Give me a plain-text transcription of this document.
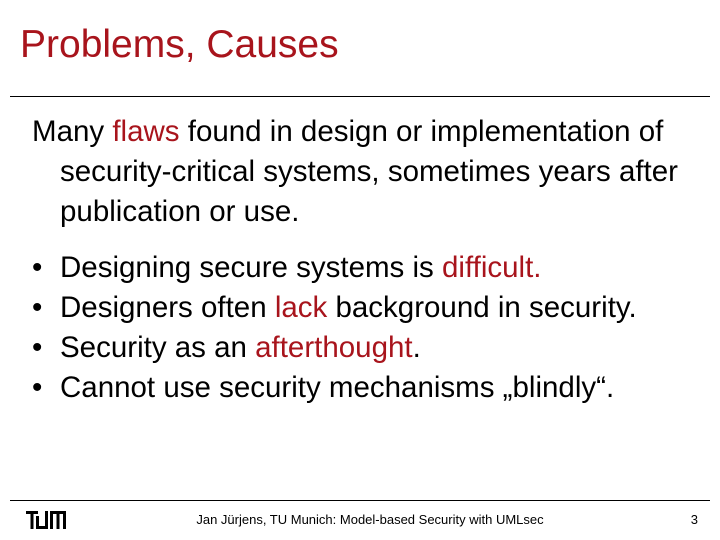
Problems, Causes

Many flaws found in design or implementation of security-critical systems, sometimes years after publication or use.

• Designing secure systems is difficult.
• Designers often lack background in security.
• Security as an afterthought.
• Cannot use security mechanisms „blindly“.
Jan Jürjens, TU Munich: Model-based Security with UMLsec	3
